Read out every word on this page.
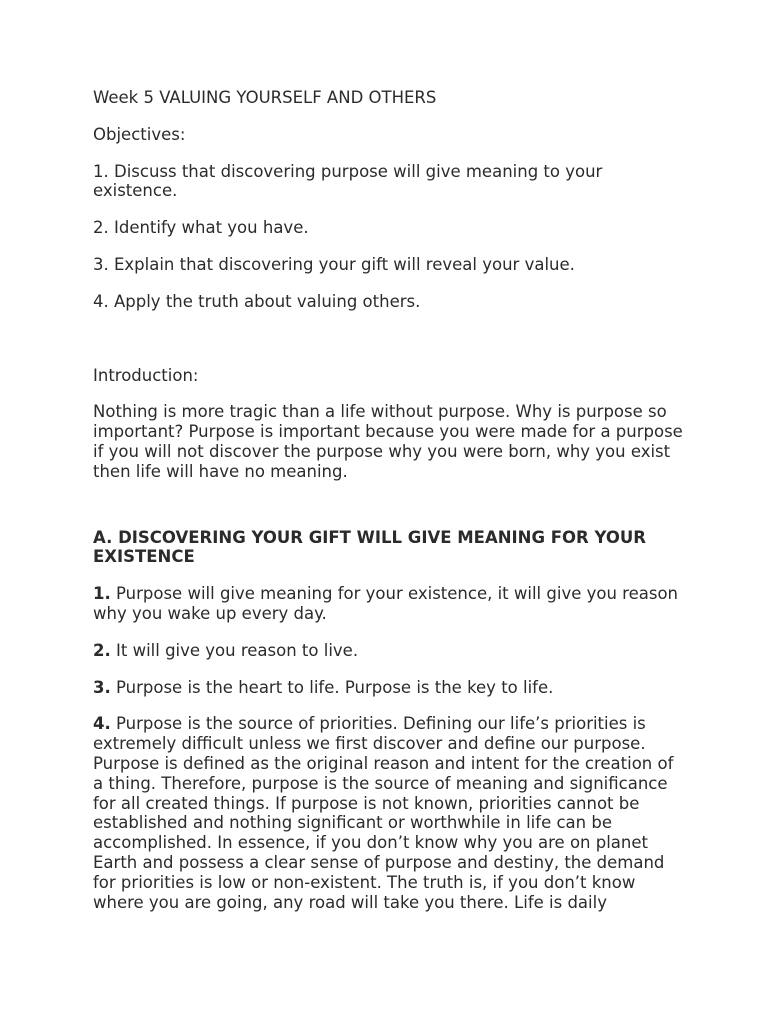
Week 5 VALUING YOURSELF AND OTHERS

Objectives:

1. Discuss that discovering purpose will give meaning to your existence.

2. Identify what you have.

3. Explain that discovering your gift will reveal your value.

4. Apply the truth about valuing others.

Introduction:

Nothing is more tragic than a life without purpose. Why is purpose so important? Purpose is important because you were made for a purpose if you will not discover the purpose why you were born, why you exist then life will have no meaning.

A. DISCOVERING YOUR GIFT WILL GIVE MEANING FOR YOUR EXISTENCE

1. Purpose will give meaning for your existence, it will give you reason why you wake up every day.

2. It will give you reason to live.

3. Purpose is the heart to life. Purpose is the key to life.

4. Purpose is the source of priorities. Defining our life’s priorities is extremely difficult unless we first discover and define our purpose. Purpose is defined as the original reason and intent for the creation of a thing. Therefore, purpose is the source of meaning and significance for all created things. If purpose is not known, priorities cannot be established and nothing significant or worthwhile in life can be accomplished. In essence, if you don’t know why you are on planet Earth and possess a clear sense of purpose and destiny, the demand for priorities is low or non-existent. The truth is, if you don’t know where you are going, any road will take you there. Life is daily
